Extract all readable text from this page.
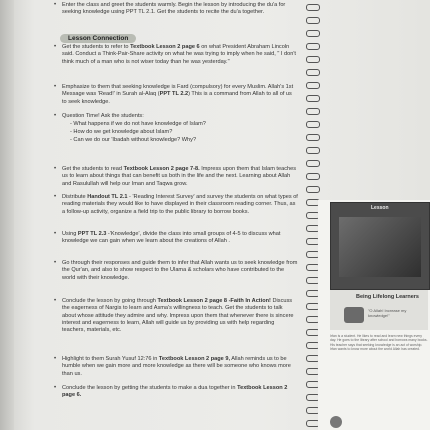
• Enter the class and greet the students warmly. Begin the lesson by introducing the du'a for seeking knowledge using PPT TL 2.1. Get the students to recite the du'a together.
Lesson Connection
• Get the students to refer to Textbook Lesson 2 page 6 on what President Abraham Lincoln said. Conduct a Think-Pair-Share activity on what he was trying to imply when he said, " I don't think much of a man who is not wiser today than he was yesterday."
• Emphasize to them that seeking knowledge is Fard (compulsory) for every Muslim. Allah's 1st Message was 'Read!' in Surah al-Alaq (PPT TL 2.2) This is a command from Allah to all of us to seek knowledge.
• Question Time! Ask the students:
- What happens if we do not have knowledge of Islam?
- How do we get knowledge about Islam?
- Can we do our 'Ibadah without knowledge? Why?
• Get the students to read Textbook Lesson 2 page 7-8. Impress upon them that Islam teaches us to learn about things that can benefit us both in the life and the next. Learning about Allah and Rasulullah will help our Iman and Taqwa grow.
• Distribute Handout TL 2.1 - 'Reading Interest Survey' and survey the students on what types of reading materials they would like to have displayed in their classroom reading corner. Thus, as a follow-up activity, organize a field trip to the public library to borrow books.
• Using PPT TL 2.3 -'Knowledge', divide the class into small groups of 4-5 to discuss what knowledge we can gain when we learn about the creations of Allah .
• Go through their responses and guide them to infer that Allah wants us to seek knowledge from the Qur'an, and also to show respect to the Ulama & scholars who have contributed to the world with their knowledge.
• Conclude the lesson by going through Textbook Lesson 2 page 8 -Faith In Action! Discuss the eagerness of Nargis to learn and Asma's willingness to teach. Get the students to talk about whose attitude they admire and why. Impress upon them that whenever there is sincere interest and eagerness to learn, Allah will guide us by providing us with help regarding teachers, materials, etc.
• Highlight to them Surah Yusuf 12:76 in Textbook Lesson 2 page 9, Allah reminds us to be humble when we gain more and more knowledge as there will be someone who knows more than us.
• Conclude the lesson by getting the students to make a dua together in Textbook Lesson 2 page 6.
Lesson
Being Lifelong Learners
"O Allah! Increase my knowledge!"
Irfan is a student. He likes to read and learn new things every day. He goes to the library after school and borrows many books. His teacher says that seeking knowledge is an act of worship. Irfan wants to know more about the world Allah has created.
